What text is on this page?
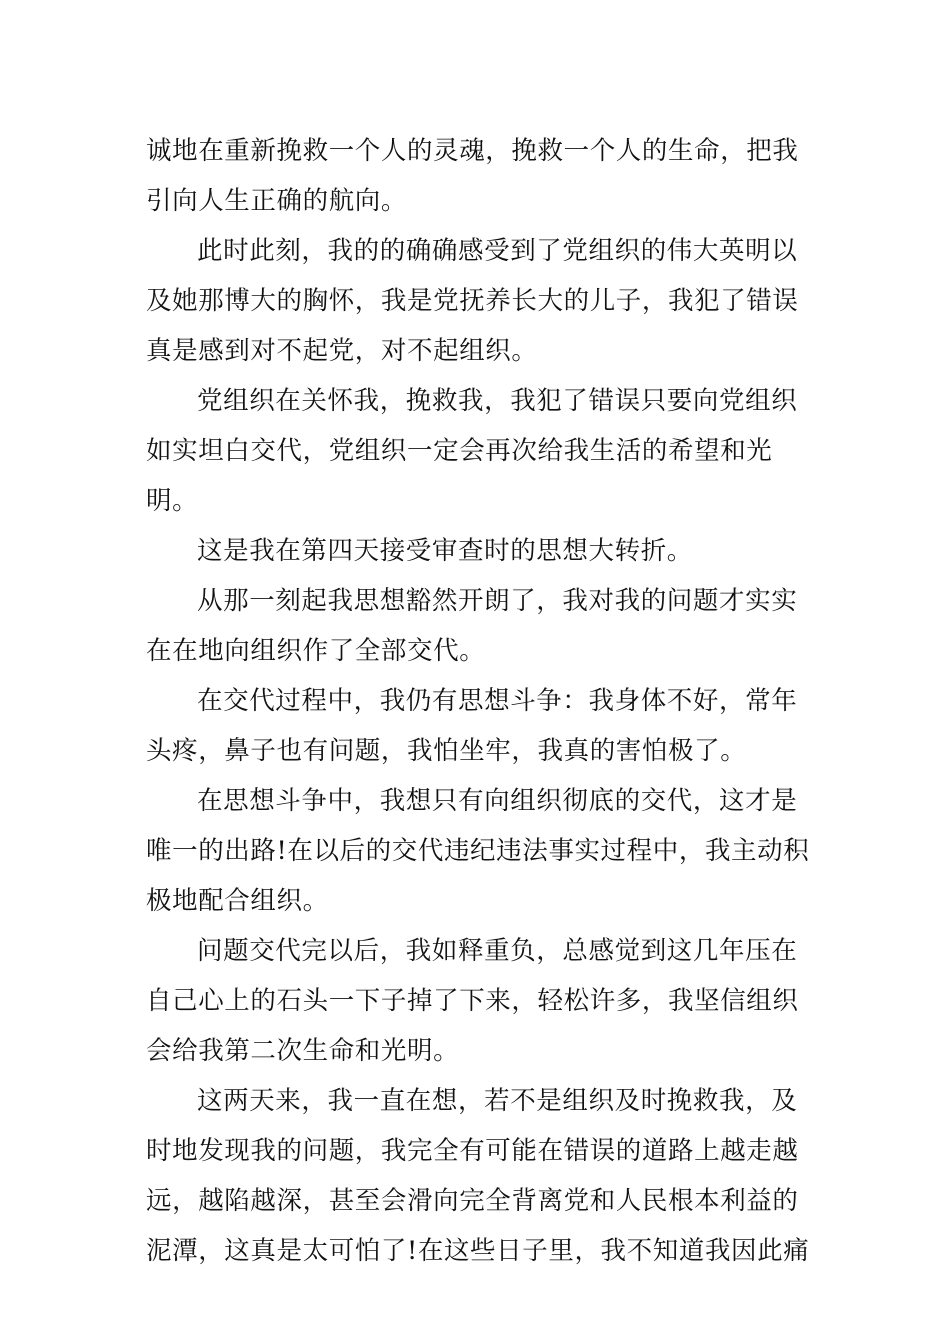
诚地在重新挽救一个人的灵魂，挽救一个人的生命，把我引向人生正确的航向。

此时此刻，我的的确确感受到了党组织的伟大英明以及她那博大的胸怀，我是党抚养长大的儿子，我犯了错误真是感到对不起党，对不起组织。

党组织在关怀我，挽救我，我犯了错误只要向党组织如实坦白交代，党组织一定会再次给我生活的希望和光明。

这是我在第四天接受审查时的思想大转折。

从那一刻起我思想豁然开朗了，我对我的问题才实实在在地向组织作了全部交代。

在交代过程中，我仍有思想斗争：我身体不好，常年头疼，鼻子也有问题，我怕坐牢，我真的害怕极了。

在思想斗争中，我想只有向组织彻底的交代，这才是唯一的出路!在以后的交代违纪违法事实过程中，我主动积极地配合组织。

问题交代完以后，我如释重负，总感觉到这几年压在自己心上的石头一下子掉了下来，轻松许多，我坚信组织会给我第二次生命和光明。

这两天来，我一直在想，若不是组织及时挽救我，及时地发现我的问题，我完全有可能在错误的道路上越走越远，越陷越深，甚至会滑向完全背离党和人民根本利益的泥潭，这真是太可怕了!在这些日子里，我不知道我因此痛
